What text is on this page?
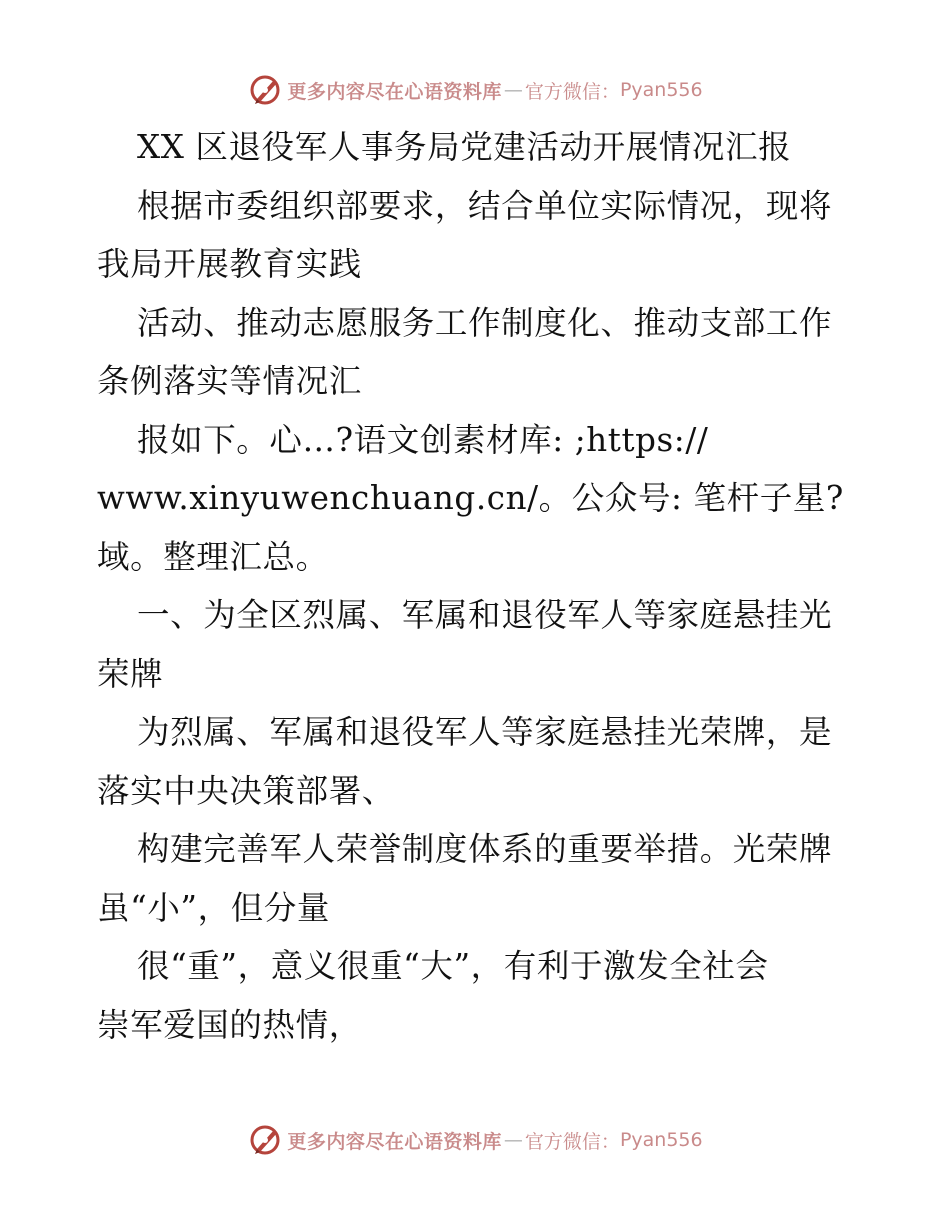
更多内容尽在心语资料库 — 官方微信： Pyan556
XX 区退役军人事务局党建活动开展情况汇报
根据市委组织部要求，结合单位实际情况，现将
我局开展教育实践
活动、推动志愿服务工作制度化、推动支部工作
条例落实等情况汇
报如下。心…?语文创素材库: ;https://
www.xinyuwenchuang.cn/。公众号: 笔杆子星?
域。整理汇总。
一、为全区烈属、军属和退役军人等家庭悬挂光
荣牌
为烈属、军属和退役军人等家庭悬挂光荣牌，是
落实中央决策部署、
构建完善军人荣誉制度体系的重要举措。光荣牌
虽“小”，但分量
很“重”，意义很重“大”，有利于激发全社会
崇军爱国的热情，
更多内容尽在心语资料库 — 官方微信： Pyan556
